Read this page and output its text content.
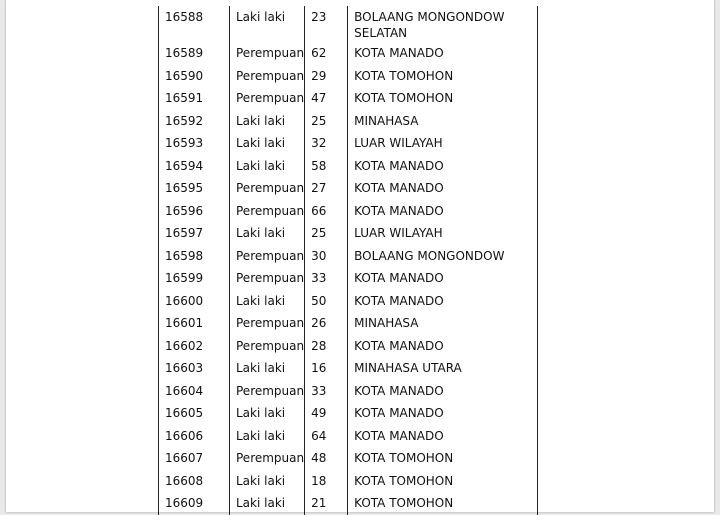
16588	Laki laki	23	BOLAANG MONGONDOW SELATAN
16589	Perempuan	62	KOTA MANADO
16590	Perempuan	29	KOTA TOMOHON
16591	Perempuan	47	KOTA TOMOHON
16592	Laki laki	25	MINAHASA
16593	Laki laki	32	LUAR WILAYAH
16594	Laki laki	58	KOTA MANADO
16595	Perempuan	27	KOTA MANADO
16596	Perempuan	66	KOTA MANADO
16597	Laki laki	25	LUAR WILAYAH
16598	Perempuan	30	BOLAANG MONGONDOW
16599	Perempuan	33	KOTA MANADO
16600	Laki laki	50	KOTA MANADO
16601	Perempuan	26	MINAHASA
16602	Perempuan	28	KOTA MANADO
16603	Laki laki	16	MINAHASA UTARA
16604	Perempuan	33	KOTA MANADO
16605	Laki laki	49	KOTA MANADO
16606	Laki laki	64	KOTA MANADO
16607	Perempuan	48	KOTA TOMOHON
16608	Laki laki	18	KOTA TOMOHON
16609	Laki laki	21	KOTA TOMOHON
